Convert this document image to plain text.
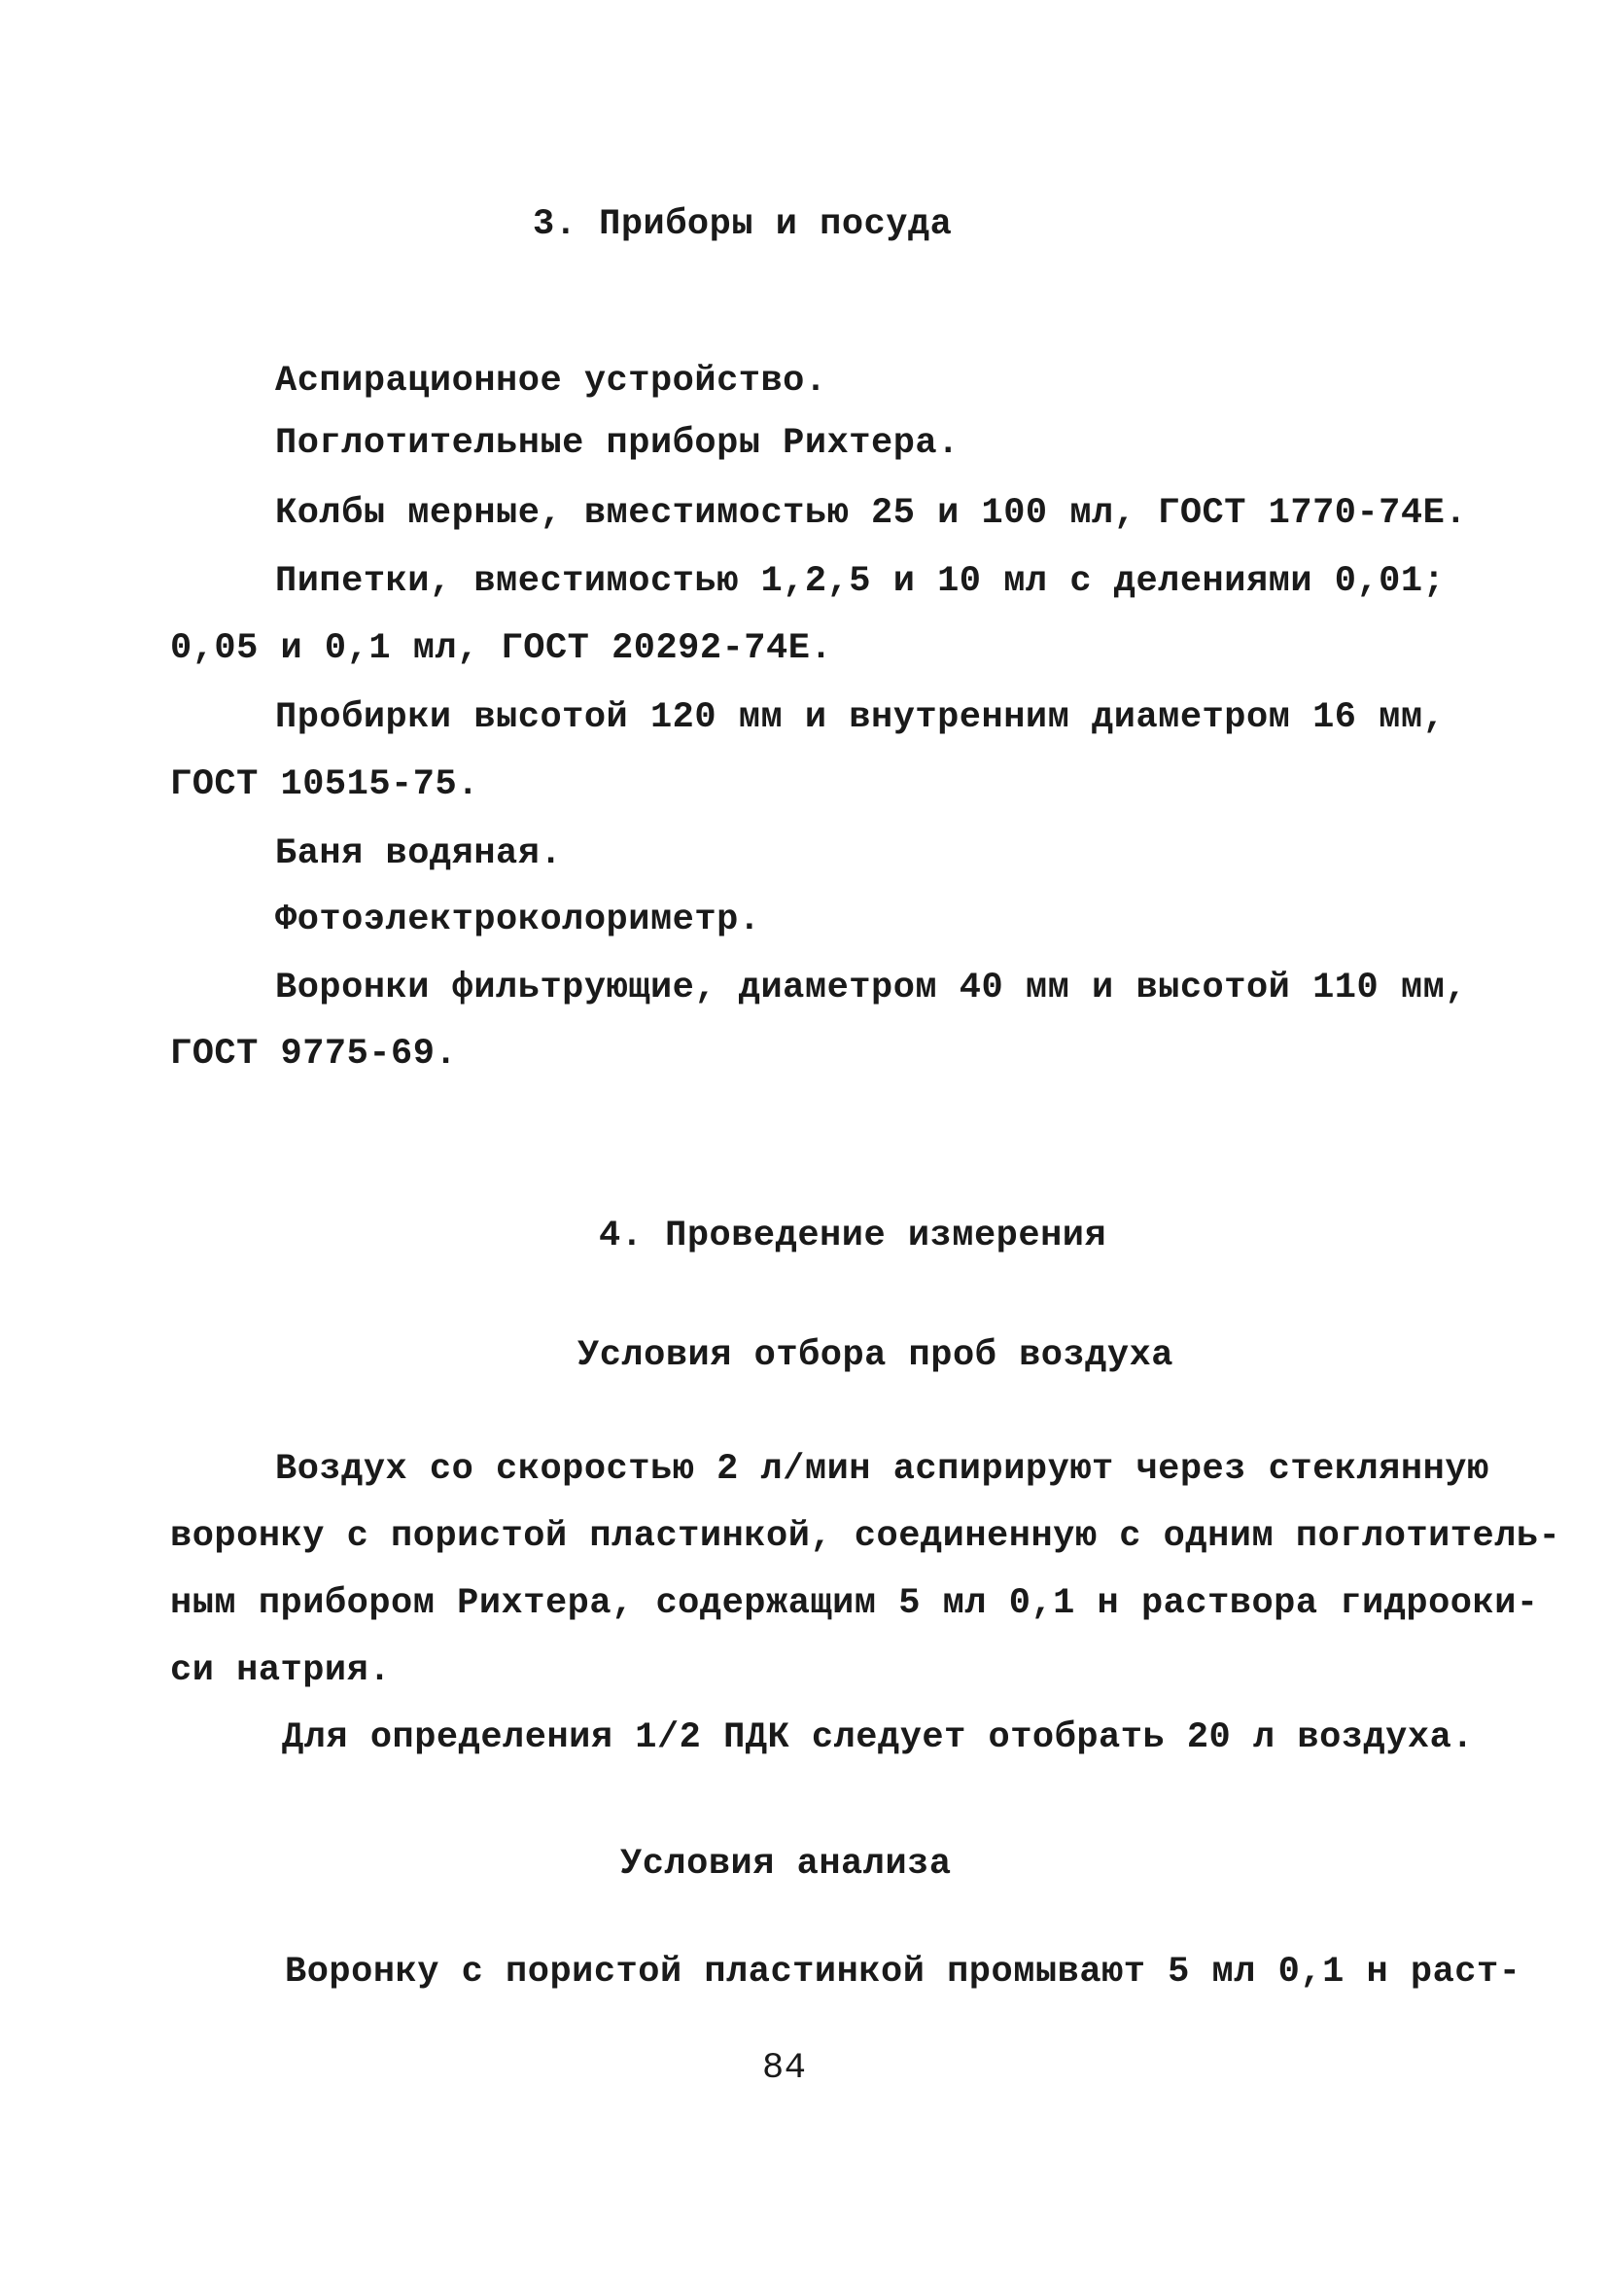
3. Приборы и посуда
Аспирационное устройство.
Поглотительные приборы Рихтера.
Колбы мерные, вместимостью 25 и 100 мл, ГОСТ 1770-74Е.
Пипетки, вместимостью 1,2,5 и 10 мл с делениями 0,01;
0,05 и 0,1 мл, ГОСТ 20292-74Е.
Пробирки высотой 120 мм и внутренним диаметром 16 мм,
ГОСТ 10515-75.
Баня водяная.
Фотоэлектроколориметр.
Воронки фильтрующие, диаметром 40 мм и высотой 110 мм,
ГОСТ 9775-69.
4. Проведение измерения
Условия отбора проб воздуха
Воздух со скоростью 2 л/мин аспирируют через стеклянную
воронку с пористой пластинкой, соединенную с одним поглотитель-
ным прибором Рихтера, содержащим 5 мл 0,1 н раствора гидрооки-
си натрия.
Для определения 1/2 ПДК следует отобрать 20 л воздуха.
Условия анализа
Воронку с пористой пластинкой промывают 5 мл 0,1 н раст-
84
